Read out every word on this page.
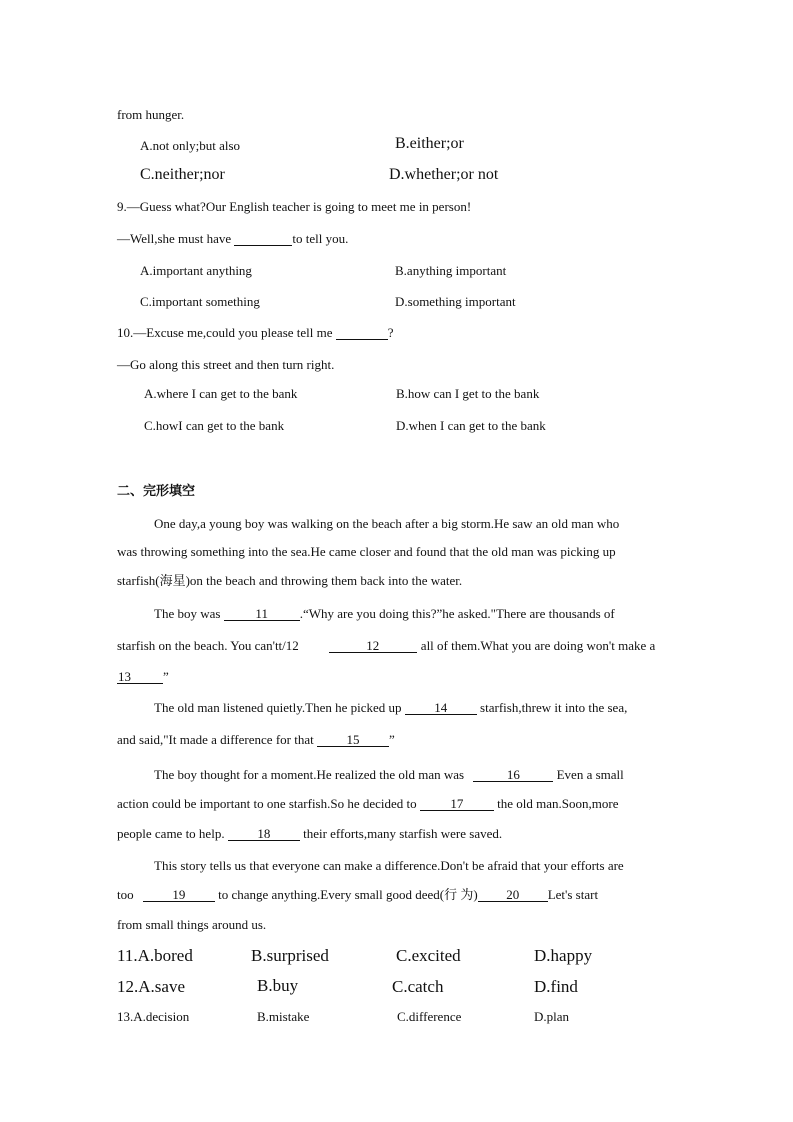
from hunger.
A.not only;but also	B.either;or
C.neither;nor	D.whether;or not
9.—Guess what?Our English teacher is going to meet me in person!
—Well,she must have	to tell you.
A.important anything	B.anything important
C.important something	D.something important
10.—Excuse me,could you please tell me	?
—Go along this street and then turn right.
A.where I can get to the bank	B.how can I get to the bank
C.howI can get to the bank	D.when I can get to the bank
二、完形填空
One day,a young boy was walking on the beach after a big storm.He saw an old man who
was throwing something into the sea.He came closer and found that the old man was picking up
starfish(海星)on the beach and throwing them back into the water.
The boy was 11 .“Why are you doing this?”he asked."There are thousands of
starfish on the beach. You can'tt/12	12	all of them.What you are doing won't make a
13 ”
The old man listened quietly.Then he picked up 14 starfish,threw it into the sea,
and said,"It made a difference for that 15 ”
The boy thought for a moment.He realized the old man was	16	Even a small
action could be important to one starfish.So he decided to 17 the old man.Soon,more
people came to help. 18 their efforts,many starfish were saved.
This story tells us that everyone can make a difference.Don't be afraid that your efforts are
too	19 to change anything.Every small good deed(行 为) 20 Let's start
from small things around us.
11.A.bored	B.surprised	C.excited	D.happy
12.A.save	B.buy	C.catch	D.find
13.A.decision	B.mistake	C.difference	D.plan
